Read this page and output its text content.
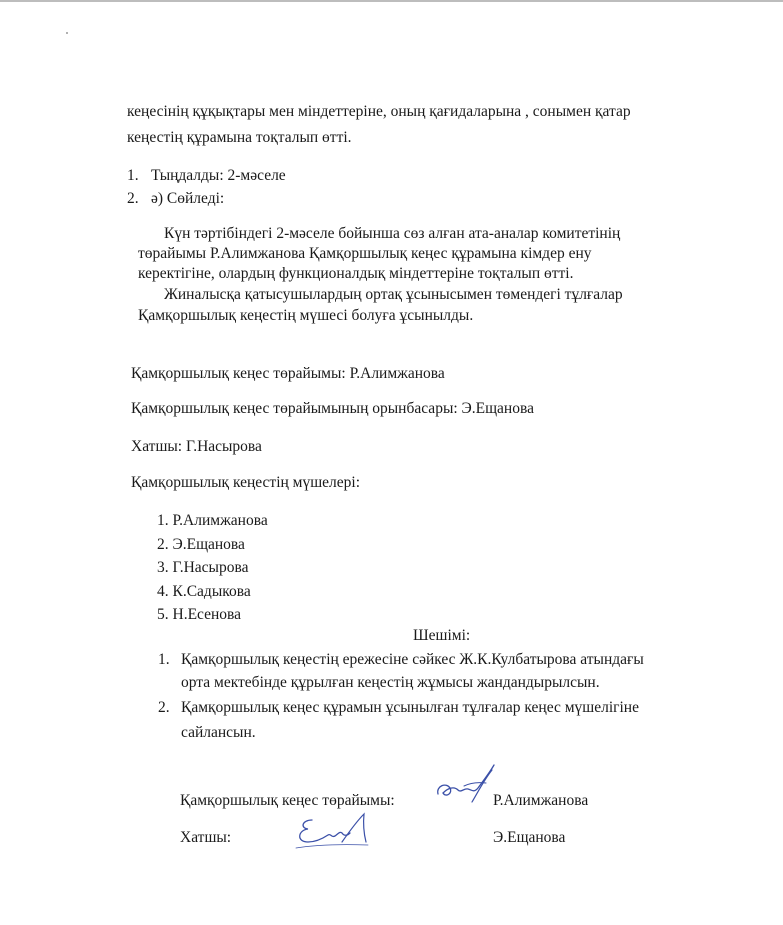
кеңесінің құқықтары мен міндеттеріне, оның қағидаларына , сонымен қатар
кеңестің құрамына тоқталып өтті.
1. Тыңдалды: 2-мәселе
2. ә) Сөйледі:
Күн тәртібіндегі 2-мәселе бойынша сөз алған ата-аналар комитетінің
төрайымы Р.Алимжанова Қамқоршылық кеңес құрамына кімдер ену
керектігіне, олардың функционалдық міндеттеріне тоқталып өтті.
Жиналысқа қатысушылардың ортақ ұсынысымен төмендегі тұлғалар
Қамқоршылық кеңестің мүшесі болуға ұсынылды.
Қамқоршылық кеңес төрайымы: Р.Алимжанова
Қамқоршылық кеңес төрайымының орынбасары: Э.Ещанова
Хатшы: Г.Насырова
Қамқоршылық кеңестің мүшелері:
1. Р.Алимжанова
2. Э.Ещанова
3. Г.Насырова
4. К.Садыкова
5. Н.Есенова
Шешімі:
1. Қамқоршылық кеңестің ережесіне сәйкес Ж.К.Кулбатырова атындағы
орта мектебінде құрылған кеңестің жұмысы жандандырылсын.
2. Қамқоршылық кеңес құрамын ұсынылған тұлғалар кеңес мүшелігіне
сайлансын.
Қамқоршылық кеңес төрайымы:	Р.Алимжанова
Хатшы:	Э.Ещанова
